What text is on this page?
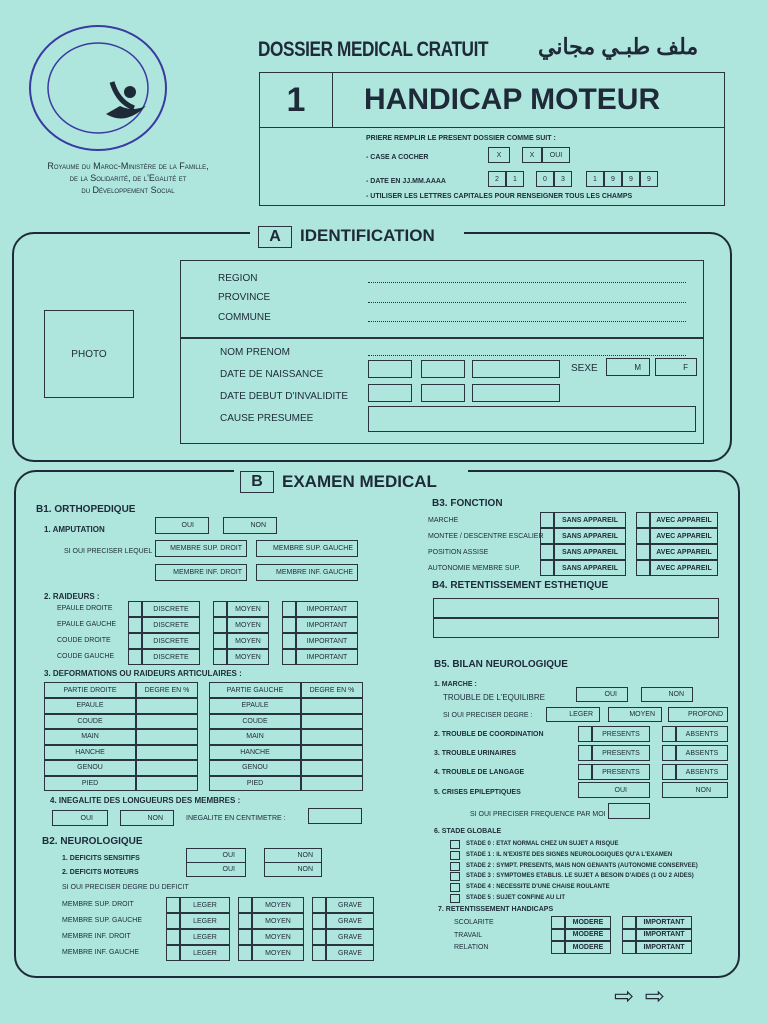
Royaume du Maroc-Ministère de la Famille,
de la Solidarité, de l'Egalité et
du Développement Social
DOSSIER MEDICAL CRATUIT ملف طبـي مجاني
1	HANDICAP MOTEUR
PRIERE REMPLIR LE PRESENT DOSSIER COMME SUIT :
- CASE A COCHER
- DATE EN JJ.MM.AAAA
- UTILISER LES LETTRES CAPITALES POUR RENSEIGNER TOUS LES CHAMPS
X	X	OUI
2	1	0	3	1	9	9	9
A	IDENTIFICATION
PHOTO
REGION
PROVINCE
COMMUNE
NOM PRENOM
DATE DE NAISSANCE
SEXE	M	F
DATE DEBUT D'INVALIDITE
CAUSE PRESUMEE
B	EXAMEN MEDICAL
B1. ORTHOPEDIQUE
1. AMPUTATION	OUI	NON
SI OUI PRECISER LEQUEL	MEMBRE SUP. DROIT	MEMBRE SUP. GAUCHE
MEMBRE INF. DROIT	MEMBRE INF. GAUCHE
2. RAIDEURS :
EPAULE DROITE	DISCRETE	MOYEN	IMPORTANT
EPAULE GAUCHE	DISCRETE	MOYEN	IMPORTANT
COUDE DROITE	DISCRETE	MOYEN	IMPORTANT
COUDE GAUCHE	DISCRETE	MOYEN	IMPORTANT
3. DEFORMATIONS OU RAIDEURS ARTICULAIRES :
PARTIE DROITE	DEGRE EN %
EPAULE
COUDE
MAIN
HANCHE
GENOU
PIED
PARTIE GAUCHE	DEGRE EN %
EPAULE
COUDE
MAIN
HANCHE
GENOU
PIED
4. INEGALITE DES LONGUEURS DES MEMBRES :
OUI	NON	INEGALITE EN CENTIMETRE :
B2. NEUROLOGIQUE
1. DEFICITS SENSITIFS
2. DEFICITS MOTEURS
OUI	NON
OUI	NON
SI OUI PRECISER DEGRE DU DEFICIT
MEMBRE SUP. DROIT	LEGER	MOYEN	GRAVE
MEMBRE SUP. GAUCHE	LEGER	MOYEN	GRAVE
MEMBRE INF. DROIT	LEGER	MOYEN	GRAVE
MEMBRE INF. GAUCHE	LEGER	MOYEN	GRAVE
B3. FONCTION
MARCHE	SANS APPAREIL	AVEC APPAREIL
MONTEE / DESCENTRE ESCALIER	SANS APPAREIL	AVEC APPAREIL
POSITION ASSISE	SANS APPAREIL	AVEC APPAREIL
AUTONOMIE MEMBRE SUP.	SANS APPAREIL	AVEC APPAREIL
B4. RETENTISSEMENT ESTHETIQUE
B5. BILAN NEUROLOGIQUE
1. MARCHE :
TROUBLE DE L'EQUILIBRE	OUI	NON
SI OUI PRECISER DEGRE :	LEGER	MOYEN	PROFOND
2. TROUBLE DE COORDINATION	PRESENTS	ABSENTS
3. TROUBLE URINAIRES	PRESENTS	ABSENTS
4. TROUBLE DE LANGAGE	PRESENTS	ABSENTS
5. CRISES EPILEPTIQUES	OUI	NON
SI OUI PRECISER FREQUENCE PAR MOI :
6. STADE GLOBALE
STADE 0 : ETAT NORMAL CHEZ UN SUJET A RISQUE
STADE 1 : IL N'EXISTE DES SIGNES NEUROLOGIQUES QU'A L'EXAMEN
STADE 2 : SYMPT. PRESENTS, MAIS NON GENANTS (AUTONOMIE CONSERVEE)
STADE 3 : SYMPTOMES ETABLIS. LE SUJET A BESOIN D'AIDES (1 OU 2 AIDES)
STADE 4 : NECESSITE D'UNE CHAISE ROULANTE
STADE 5 : SUJET CONFINE AU LIT
7. RETENTISSEMENT HANDICAPS
SCOLARITE	MODERE	IMPORTANT
TRAVAIL	MODERE	IMPORTANT
RELATION	MODERE	IMPORTANT
⇨ ⇨
